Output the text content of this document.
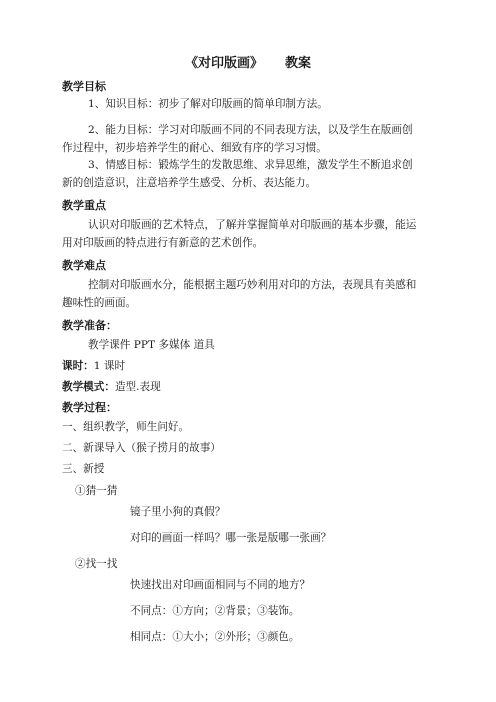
《对印版画》 教案
教学目标
1、知识目标：初步了解对印版画的简单印制方法。
2、能力目标：学习对印版画不同的不同表现方法，以及学生在版画创
作过程中，初步培养学生的耐心、细致有序的学习习惯。
3、情感目标：锻炼学生的发散思维、求异思维，激发学生不断追求创
新的创造意识，注意培养学生感受、分析、表达能力。
教学重点
认识对印版画的艺术特点，了解并掌握简单对印版画的基本步骤，能运
用对印版画的特点进行有新意的艺术创作。
教学难点
控制对印版画水分，能根据主题巧妙利用对印的方法，表现具有美感和
趣味性的画面。
教学准备：
教学课件 PPT 多媒体 道具
课时：1 课时
教学模式：造型.表现
教学过程：
一、组织教学，师生问好。
二、新课导入（猴子捞月的故事）
三、新授
①猜一猜
镜子里小狗的真假？
对印的画面一样吗？哪一张是版哪一张画？
②找一找
快速找出对印画面相同与不同的地方？
不同点：①方向；②背景；③装饰。
相同点：①大小；②外形；③颜色。
